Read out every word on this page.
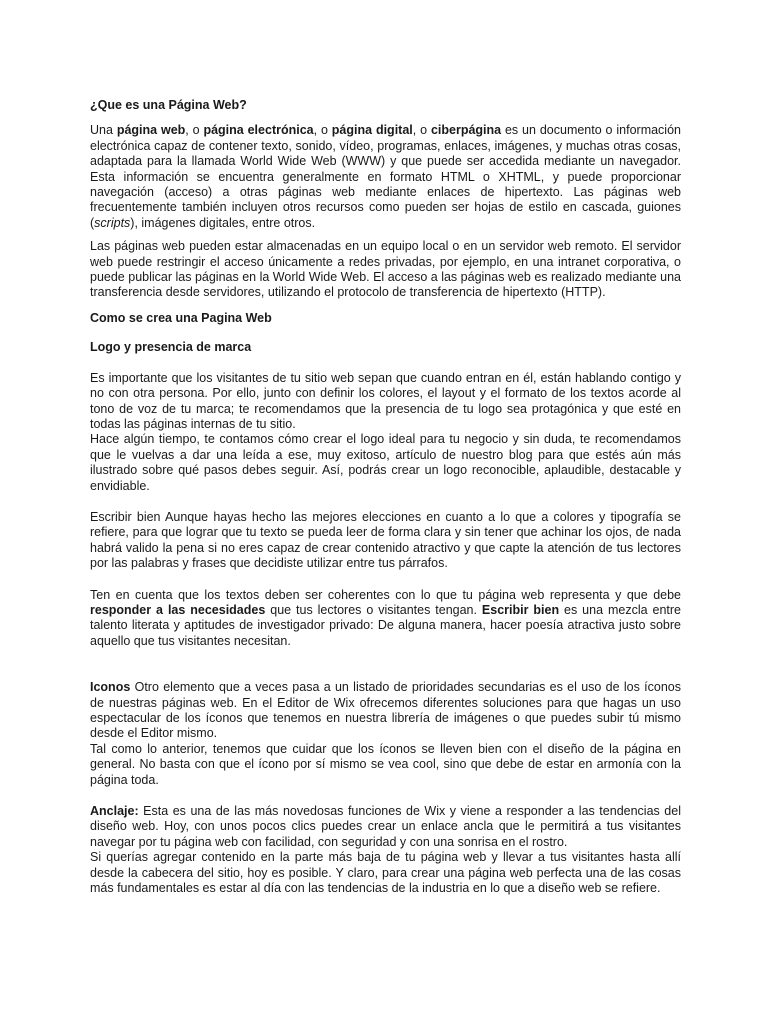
¿Que es una Página Web?

Una página web, o página electrónica, o página digital, o ciberpágina es un documento o información electrónica capaz de contener texto, sonido, vídeo, programas, enlaces, imágenes, y muchas otras cosas, adaptada para la llamada World Wide Web (WWW) y que puede ser accedida mediante un navegador. Esta información se encuentra generalmente en formato HTML o XHTML, y puede proporcionar navegación (acceso) a otras páginas web mediante enlaces de hipertexto. Las páginas web frecuentemente también incluyen otros recursos como pueden ser hojas de estilo en cascada, guiones (scripts), imágenes digitales, entre otros.

Las páginas web pueden estar almacenadas en un equipo local o en un servidor web remoto. El servidor web puede restringir el acceso únicamente a redes privadas, por ejemplo, en una intranet corporativa, o puede publicar las páginas en la World Wide Web. El acceso a las páginas web es realizado mediante una transferencia desde servidores, utilizando el protocolo de transferencia de hipertexto (HTTP).

Como se crea una Pagina Web
Logo y presencia de marca

Es importante que los visitantes de tu sitio web sepan que cuando entran en él, están hablando contigo y no con otra persona. Por ello, junto con definir los colores, el layout y el formato de los textos acorde al tono de voz de tu marca; te recomendamos que la presencia de tu logo sea protagónica y que esté en todas las páginas internas de tu sitio.

Hace algún tiempo, te contamos cómo crear el logo ideal para tu negocio y sin duda, te recomendamos que le vuelvas a dar una leída a ese, muy exitoso, artículo de nuestro blog para que estés aún más ilustrado sobre qué pasos debes seguir. Así, podrás crear un logo reconocible, aplaudible, destacable y envidiable.

Escribir bien Aunque hayas hecho las mejores elecciones en cuanto a lo que a colores y tipografía se refiere, para que lograr que tu texto se pueda leer de forma clara y sin tener que achinar los ojos, de nada habrá valido la pena si no eres capaz de crear contenido atractivo y que capte la atención de tus lectores por las palabras y frases que decidiste utilizar entre tus párrafos.

Ten en cuenta que los textos deben ser coherentes con lo que tu página web representa y que debe responder a las necesidades que tus lectores o visitantes tengan. Escribir bien es una mezcla entre talento literata y aptitudes de investigador privado: De alguna manera, hacer poesía atractiva justo sobre aquello que tus visitantes necesitan.

Iconos Otro elemento que a veces pasa a un listado de prioridades secundarias es el uso de los íconos de nuestras páginas web. En el Editor de Wix ofrecemos diferentes soluciones para que hagas un uso espectacular de los íconos que tenemos en nuestra librería de imágenes o que puedes subir tú mismo desde el Editor mismo.

Tal como lo anterior, tenemos que cuidar que los íconos se lleven bien con el diseño de la página en general. No basta con que el ícono por sí mismo se vea cool, sino que debe de estar en armonía con la página toda.

Anclaje: Esta es una de las más novedosas funciones de Wix y viene a responder a las tendencias del diseño web. Hoy, con unos pocos clics puedes crear un enlace ancla que le permitirá a tus visitantes navegar por tu página web con facilidad, con seguridad y con una sonrisa en el rostro.

Si querías agregar contenido en la parte más baja de tu página web y llevar a tus visitantes hasta allí desde la cabecera del sitio, hoy es posible. Y claro, para crear una página web perfecta una de las cosas más fundamentales es estar al día con las tendencias de la industria en lo que a diseño web se refiere.
